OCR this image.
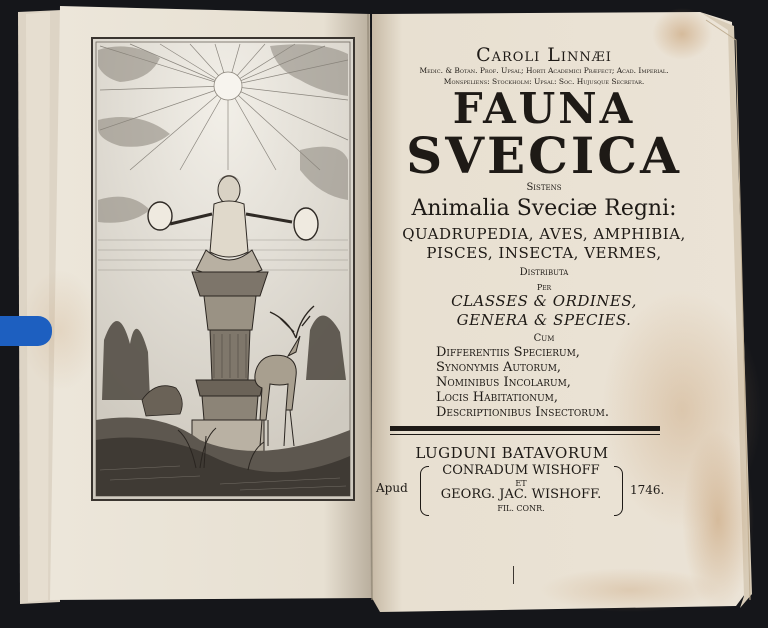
Caroli Linnæi
Medic. & Botan. Prof. Upsal; Horti Academici Præfect; Acad. Imperial.
Monspeliens: Stockholm: Upsal: Soc. Hujusque Secretar.
FAUNA
SVECICA
Sistens
Animalia Sveciæ Regni:
QUADRUPEDIA, AVES, AMPHIBIA,
PISCES, INSECTA, VERMES,
Distributa
Per
CLASSES & ORDINES,
GENERA & SPECIES.
Cum
Differentiis Specierum,
Synonymis Autorum,
Nominibus Incolarum,
Locis Habitationum,
Descriptionibus Insectorum.
LUGDUNI BATAVORUM
Apud
CONRADUM WISHOFF
ET
GEORG. JAC. WISHOFF.
FIL. CONR.
1746.
